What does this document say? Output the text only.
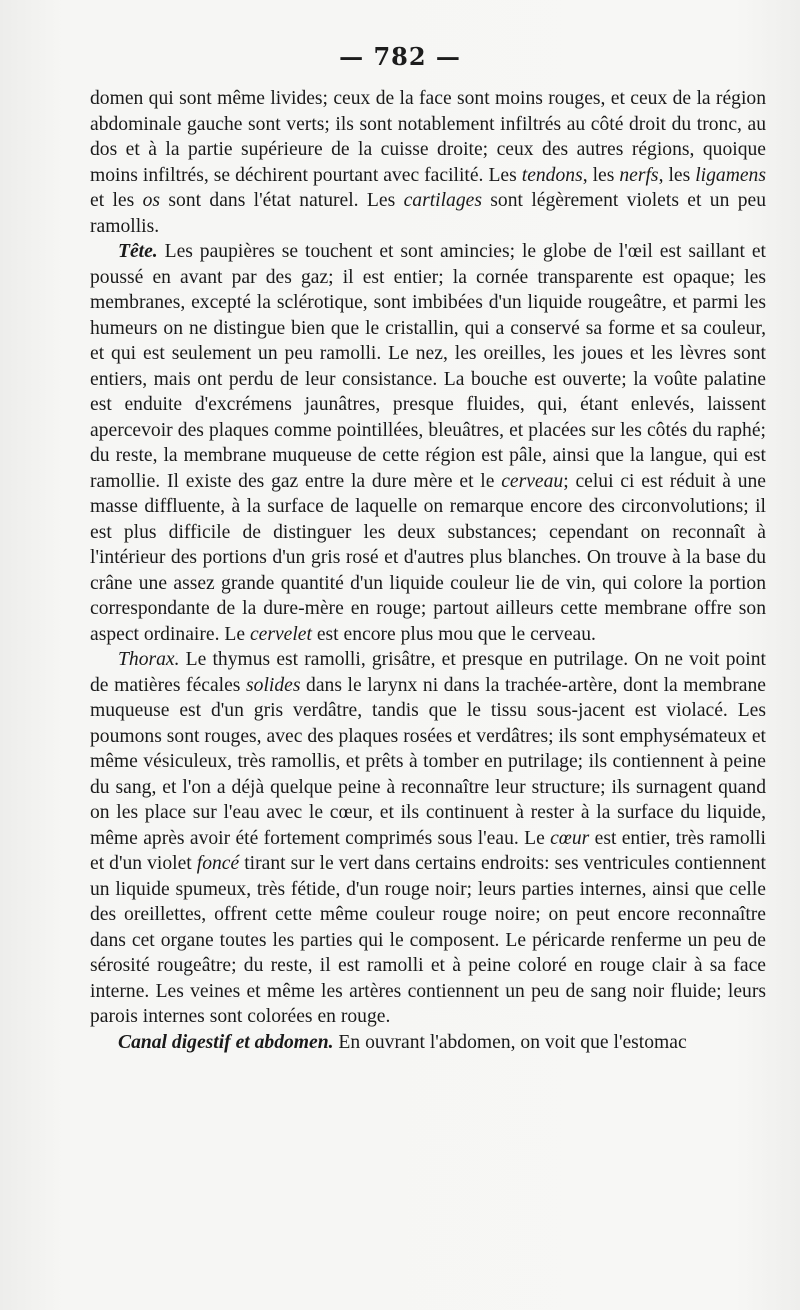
— 782 —

domen qui sont même livides; ceux de la face sont moins rouges, et ceux de la région abdominale gauche sont verts; ils sont notablement infiltrés au côté droit du tronc, au dos et à la partie supérieure de la cuisse droite; ceux des autres régions, quoique moins infiltrés, se déchirent pourtant avec facilité. Les tendons, les nerfs, les ligamens et les os sont dans l'état naturel. Les cartilages sont légèrement violets et un peu ramollis.

Tête. Les paupières se touchent et sont amincies; le globe de l'œil est saillant et poussé en avant par des gaz; il est entier; la cornée transparente est opaque; les membranes, excepté la sclérotique, sont imbibées d'un liquide rougeâtre, et parmi les humeurs on ne distingue bien que le cristallin, qui a conservé sa forme et sa couleur, et qui est seulement un peu ramolli. Le nez, les oreilles, les joues et les lèvres sont entiers, mais ont perdu de leur consistance. La bouche est ouverte; la voûte palatine est enduite d'excrémens jaunâtres, presque fluides, qui, étant enlevés, laissent apercevoir des plaques comme pointillées, bleuâtres, et placées sur les côtés du raphé; du reste, la membrane muqueuse de cette région est pâle, ainsi que la langue, qui est ramollie. Il existe des gaz entre la dure mère et le cerveau; celui ci est réduit à une masse diffluente, à la surface de laquelle on remarque encore des circonvolutions; il est plus difficile de distinguer les deux substances; cependant on reconnaît à l'intérieur des portions d'un gris rosé et d'autres plus blanches. On trouve à la base du crâne une assez grande quantité d'un liquide couleur lie de vin, qui colore la portion correspondante de la dure-mère en rouge; partout ailleurs cette membrane offre son aspect ordinaire. Le cervelet est encore plus mou que le cerveau.

Thorax. Le thymus est ramolli, grisâtre, et presque en putrilage. On ne voit point de matières fécales solides dans le larynx ni dans la trachée-artère, dont la membrane muqueuse est d'un gris verdâtre, tandis que le tissu sous-jacent est violacé. Les poumons sont rouges, avec des plaques rosées et verdâtres; ils sont emphysémateux et même vésiculeux, très ramollis, et prêts à tomber en putrilage; ils contiennent à peine du sang, et l'on a déjà quelque peine à reconnaître leur structure; ils surnagent quand on les place sur l'eau avec le cœur, et ils continuent à rester à la surface du liquide, même après avoir été fortement comprimés sous l'eau. Le cœur est entier, très ramolli et d'un violet foncé tirant sur le vert dans certains endroits: ses ventricules contiennent un liquide spumeux, très fétide, d'un rouge noir; leurs parties internes, ainsi que celle des oreillettes, offrent cette même couleur rouge noire; on peut encore reconnaître dans cet organe toutes les parties qui le composent. Le péricarde renferme un peu de sérosité rougeâtre; du reste, il est ramolli et à peine coloré en rouge clair à sa face interne. Les veines et même les artères contiennent un peu de sang noir fluide; leurs parois internes sont colorées en rouge.

Canal digestif et abdomen. En ouvrant l'abdomen, on voit que l'estomac
